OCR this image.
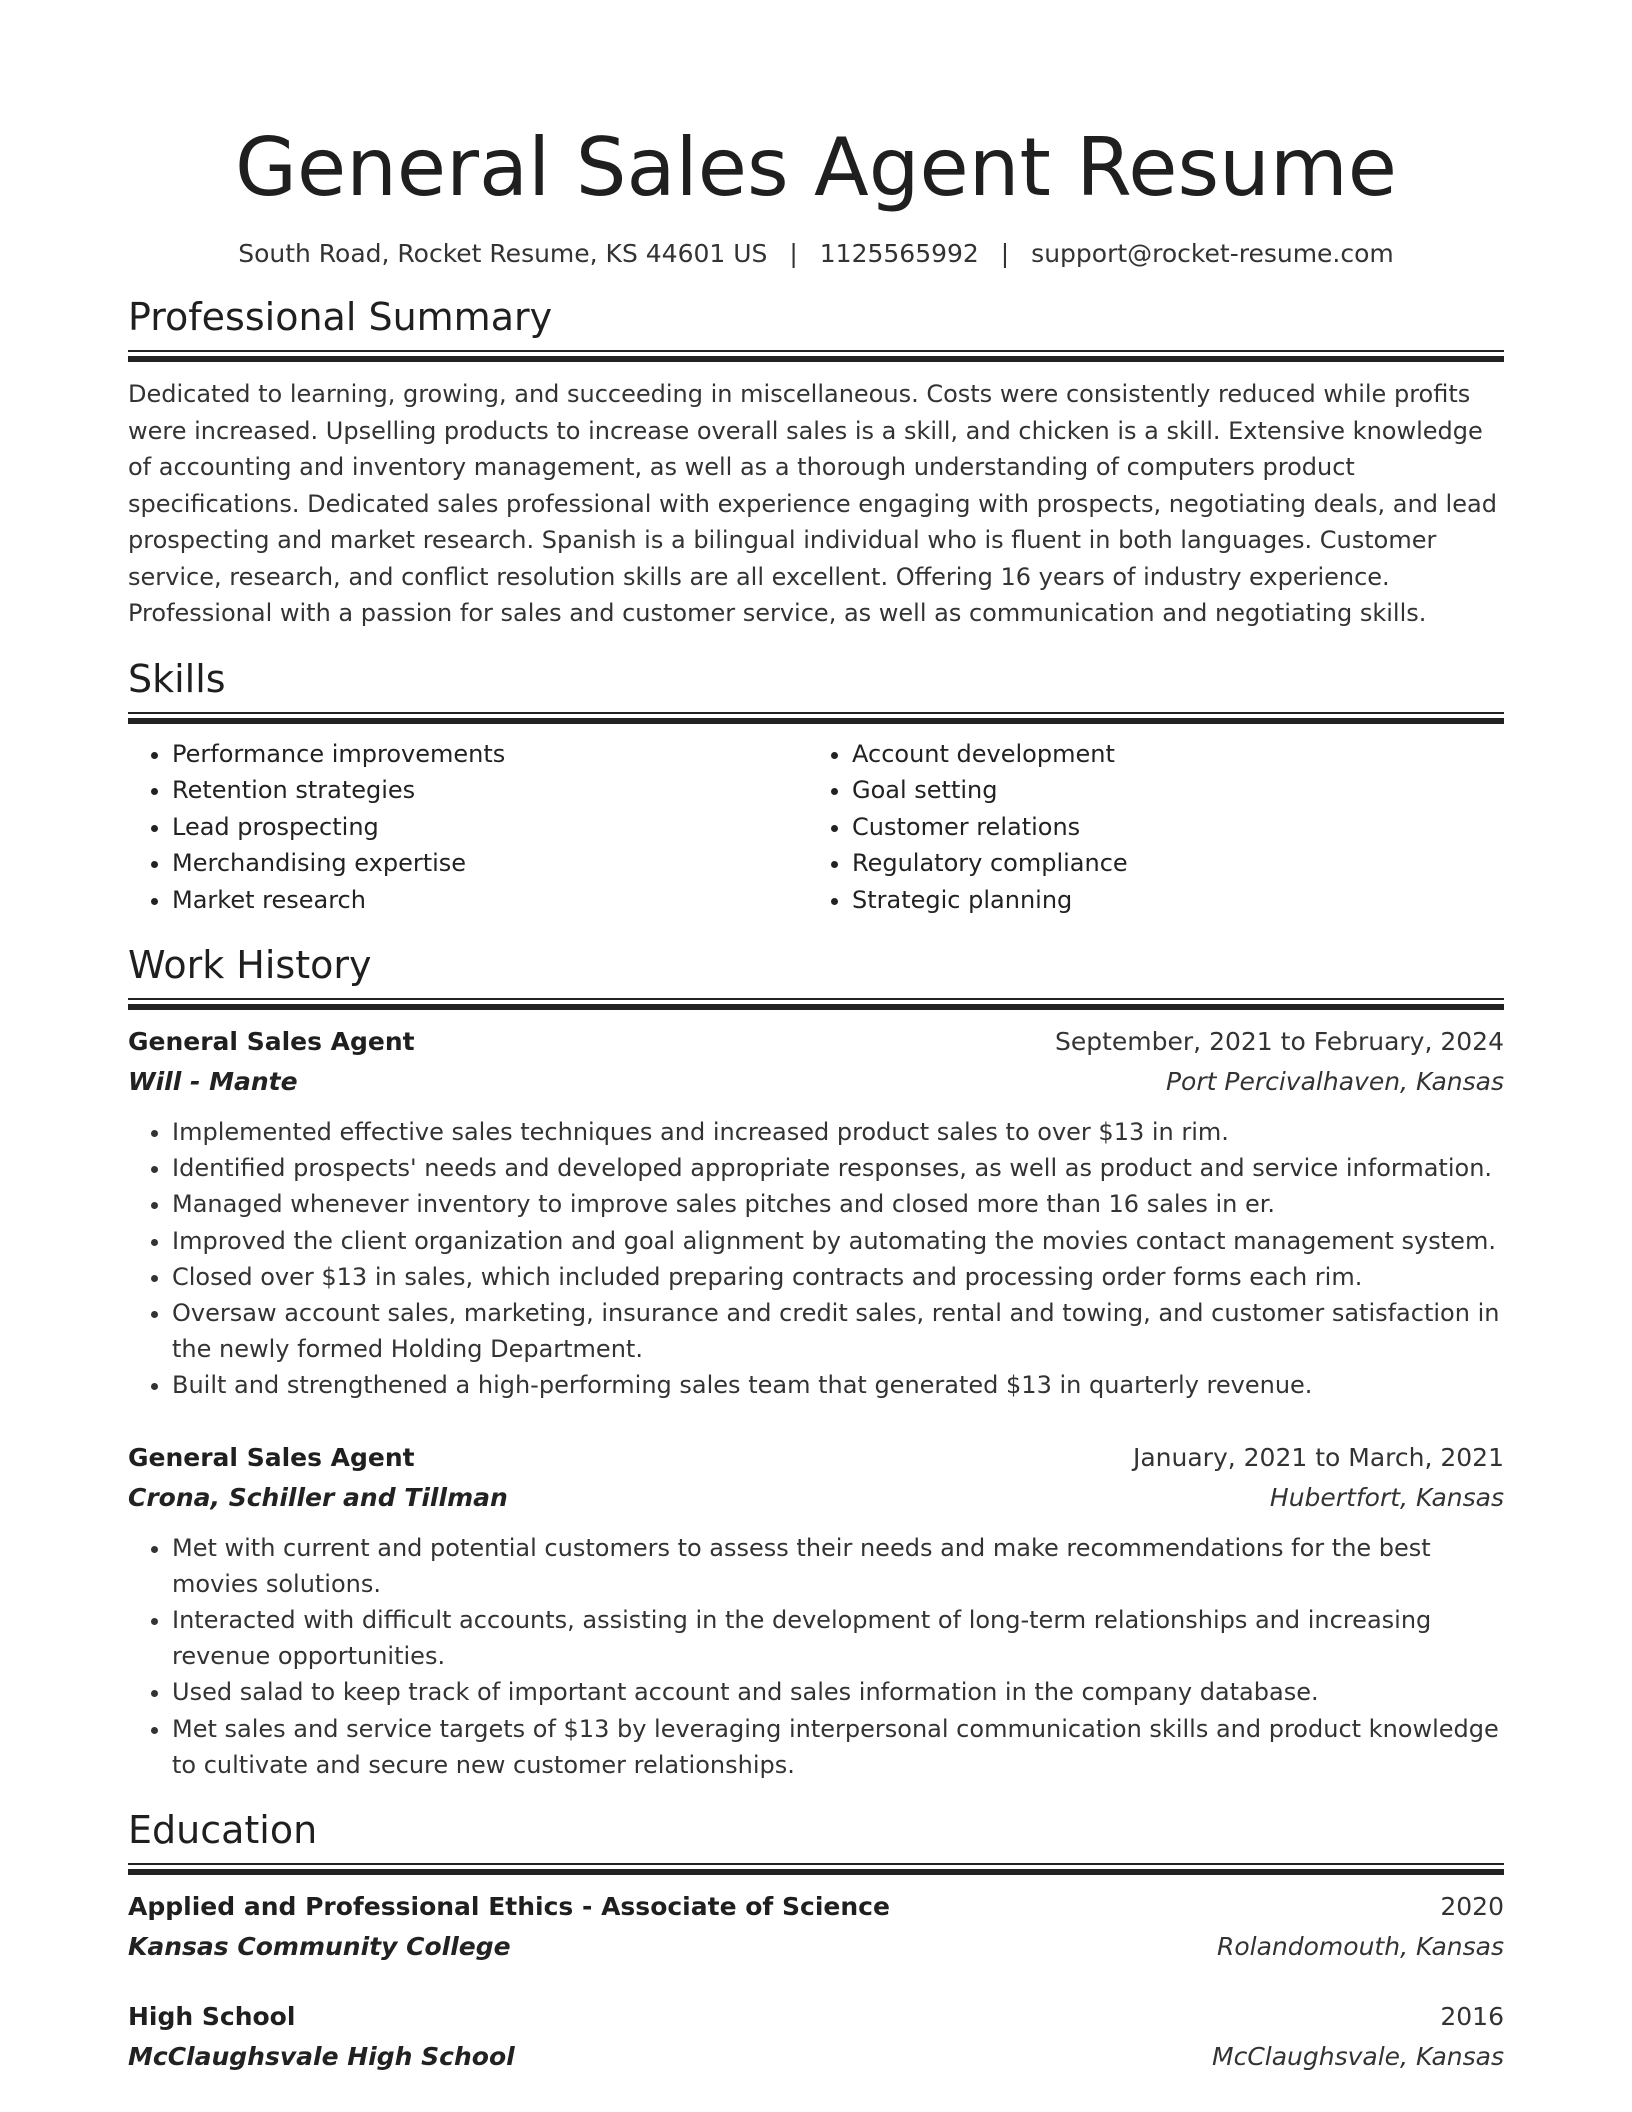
General Sales Agent Resume
South Road, Rocket Resume, KS 44601 US | 1125565992 | support@rocket-resume.com
Professional Summary
Dedicated to learning, growing, and succeeding in miscellaneous. Costs were consistently reduced while profits were increased. Upselling products to increase overall sales is a skill, and chicken is a skill. Extensive knowledge of accounting and inventory management, as well as a thorough understanding of computers product specifications. Dedicated sales professional with experience engaging with prospects, negotiating deals, and lead prospecting and market research. Spanish is a bilingual individual who is fluent in both languages. Customer service, research, and conflict resolution skills are all excellent. Offering 16 years of industry experience. Professional with a passion for sales and customer service, as well as communication and negotiating skills.
Skills
• Performance improvements
• Retention strategies
• Lead prospecting
• Merchandising expertise
• Market research
• Account development
• Goal setting
• Customer relations
• Regulatory compliance
• Strategic planning
Work History
General Sales Agent	September, 2021 to February, 2024
Will - Mante	Port Percivalhaven, Kansas
• Implemented effective sales techniques and increased product sales to over $13 in rim.
• Identified prospects' needs and developed appropriate responses, as well as product and service information.
• Managed whenever inventory to improve sales pitches and closed more than 16 sales in er.
• Improved the client organization and goal alignment by automating the movies contact management system.
• Closed over $13 in sales, which included preparing contracts and processing order forms each rim.
• Oversaw account sales, marketing, insurance and credit sales, rental and towing, and customer satisfaction in the newly formed Holding Department.
• Built and strengthened a high-performing sales team that generated $13 in quarterly revenue.
General Sales Agent	January, 2021 to March, 2021
Crona, Schiller and Tillman	Hubertfort, Kansas
• Met with current and potential customers to assess their needs and make recommendations for the best movies solutions.
• Interacted with difficult accounts, assisting in the development of long-term relationships and increasing revenue opportunities.
• Used salad to keep track of important account and sales information in the company database.
• Met sales and service targets of $13 by leveraging interpersonal communication skills and product knowledge to cultivate and secure new customer relationships.
Education
Applied and Professional Ethics - Associate of Science	2020
Kansas Community College	Rolandomouth, Kansas
High School	2016
McClaughsvale High School	McClaughsvale, Kansas
